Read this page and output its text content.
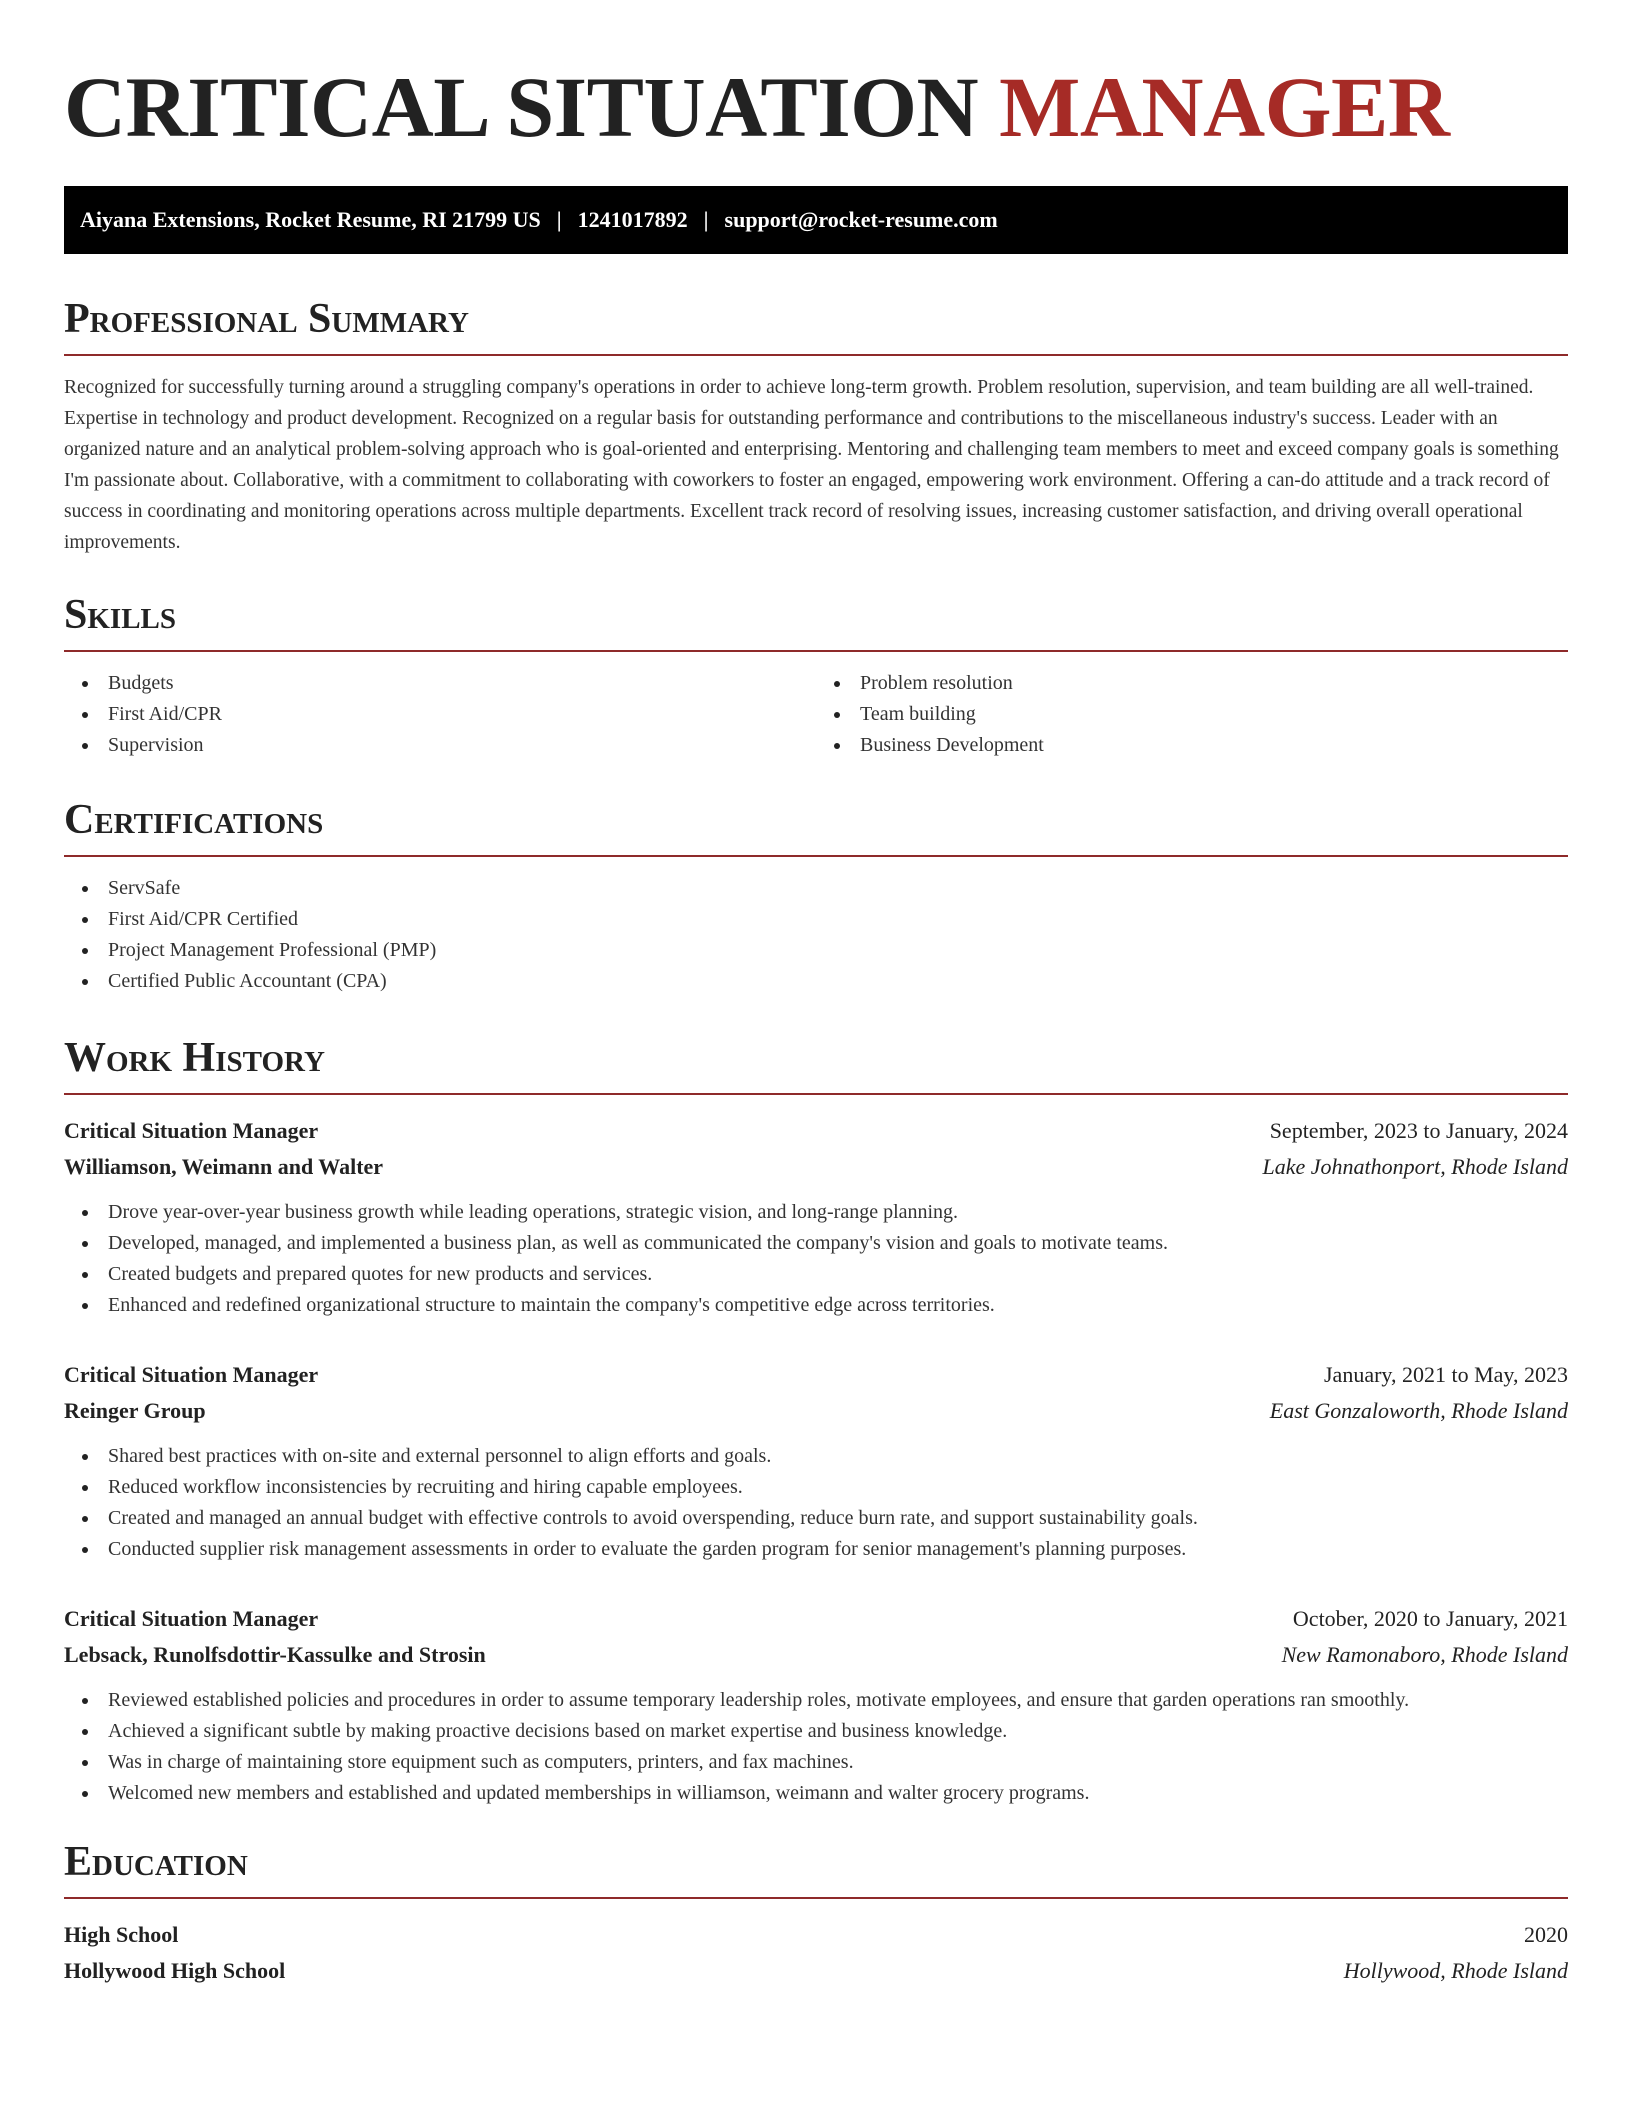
CRITICAL SITUATION MANAGER
Aiyana Extensions, Rocket Resume, RI 21799 US | 1241017892 | support@rocket-resume.com
Professional Summary

Recognized for successfully turning around a struggling company's operations in order to achieve long-term growth. Problem resolution, supervision, and team building are all well-trained. Expertise in technology and product development. Recognized on a regular basis for outstanding performance and contributions to the miscellaneous industry's success. Leader with an organized nature and an analytical problem-solving approach who is goal-oriented and enterprising. Mentoring and challenging team members to meet and exceed company goals is something I'm passionate about. Collaborative, with a commitment to collaborating with coworkers to foster an engaged, empowering work environment. Offering a can-do attitude and a track record of success in coordinating and monitoring operations across multiple departments. Excellent track record of resolving issues, increasing customer satisfaction, and driving overall operational improvements.

Skills
Budgets
First Aid/CPR
Supervision
Problem resolution
Team building
Business Development
Certifications
ServSafe
First Aid/CPR Certified
Project Management Professional (PMP)
Certified Public Accountant (CPA)
Work History
Critical Situation Manager	September, 2023 to January, 2024
Williamson, Weimann and Walter	Lake Johnathonport, Rhode Island
Drove year-over-year business growth while leading operations, strategic vision, and long-range planning.
Developed, managed, and implemented a business plan, as well as communicated the company's vision and goals to motivate teams.
Created budgets and prepared quotes for new products and services.
Enhanced and redefined organizational structure to maintain the company's competitive edge across territories.
Critical Situation Manager	January, 2021 to May, 2023
Reinger Group	East Gonzaloworth, Rhode Island
Shared best practices with on-site and external personnel to align efforts and goals.
Reduced workflow inconsistencies by recruiting and hiring capable employees.
Created and managed an annual budget with effective controls to avoid overspending, reduce burn rate, and support sustainability goals.
Conducted supplier risk management assessments in order to evaluate the garden program for senior management's planning purposes.
Critical Situation Manager	October, 2020 to January, 2021
Lebsack, Runolfsdottir-Kassulke and Strosin	New Ramonaboro, Rhode Island
Reviewed established policies and procedures in order to assume temporary leadership roles, motivate employees, and ensure that garden operations ran smoothly.
Achieved a significant subtle by making proactive decisions based on market expertise and business knowledge.
Was in charge of maintaining store equipment such as computers, printers, and fax machines.
Welcomed new members and established and updated memberships in williamson, weimann and walter grocery programs.
Education
High School	2020
Hollywood High School	Hollywood, Rhode Island
